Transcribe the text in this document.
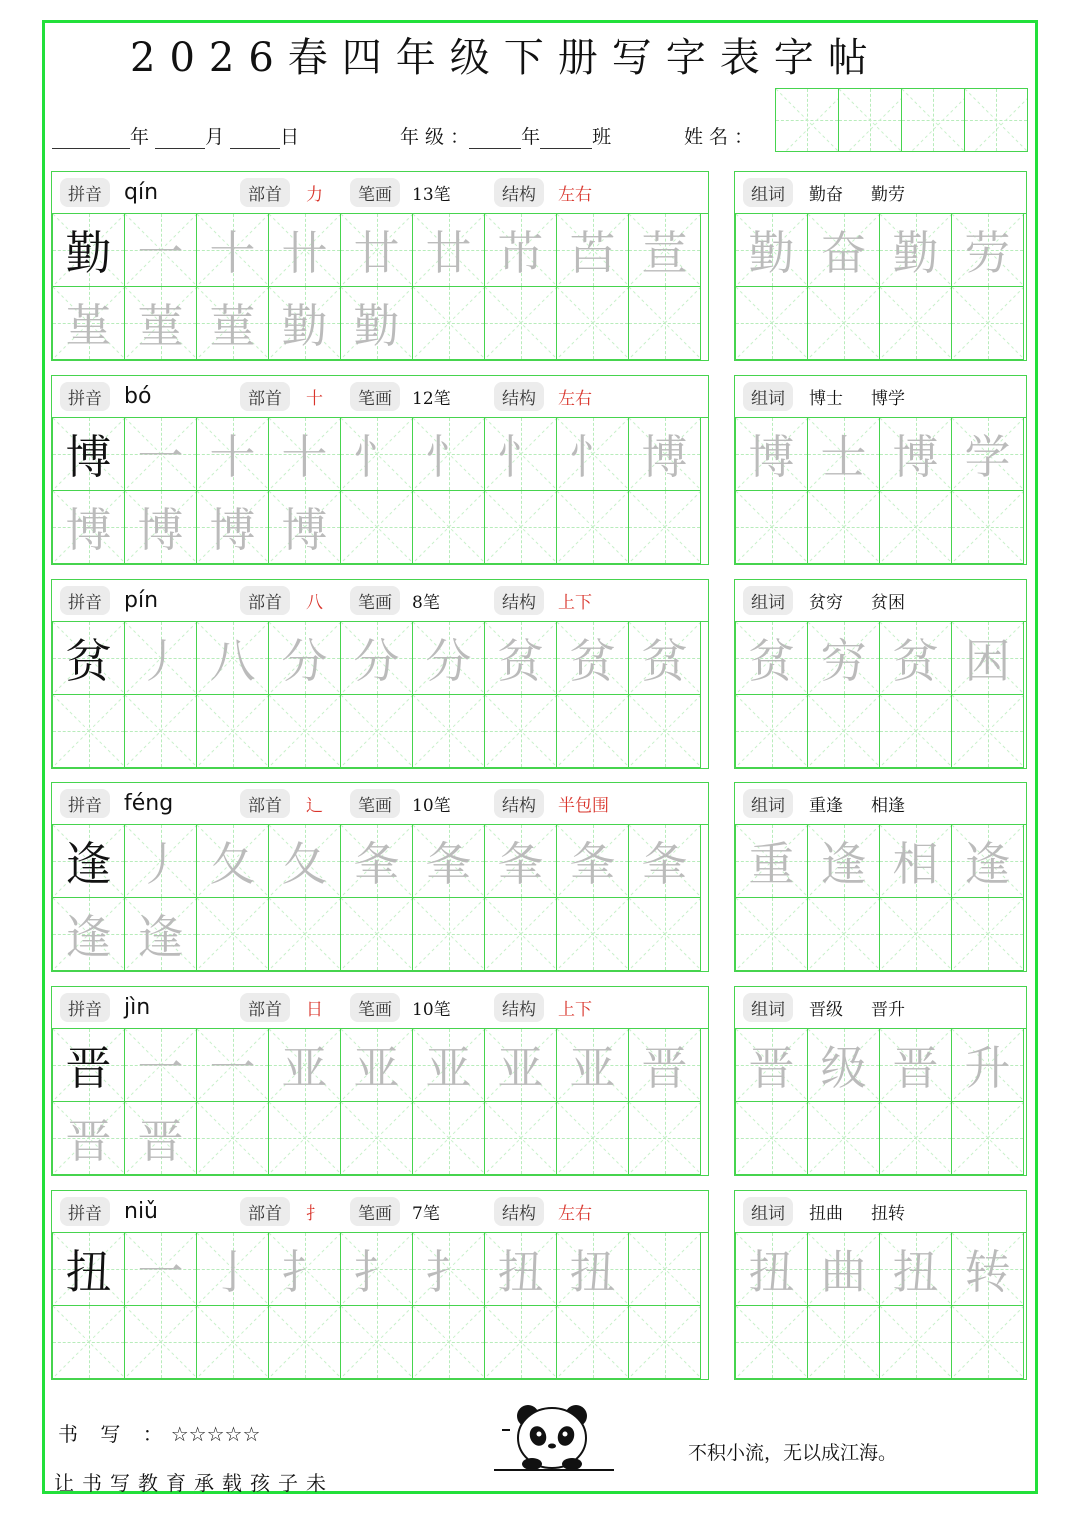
2026春四年级下册写字表字帖
年	月	日	年 级 ：	年	班	姓 名 ：
拼音	qín	部首	力	笔画	13笔	结构	左右
勤 一 十 卄 廿 廿 芇 苩 荁
堇 菫 菫 勤 勤
组词	勤奋 勤劳
勤 奋 勤 劳
拼音	bó	部首	十	笔画	12笔	结构	左右
博 一 十 十 忄 忄 忄 忄 博
博 博 博 博
组词	博士 博学
博 士 博 学
拼音	pín	部首	八	笔画	8笔	结构	上下
贫 丿 八 分 分 分 贫 贫 贫
组词	贫穷 贫困
贫 穷 贫 困
拼音	féng	部首	辶	笔画	10笔	结构	半包围
逢 丿 夂 夂 夆 夆 夆 夆 夆
逢 逢
组词	重逢 相逢
重 逢 相 逢
拼音	jìn	部首	日	笔画	10笔	结构	上下
晋 一 一 亚 亚 亚 亚 亚 晋
晋 晋
组词	晋级 晋升
晋 级 晋 升
拼音	niǔ	部首	扌	笔画	7笔	结构	左右
扭 一 亅 扌 扌 扌 扭 扭
组词	扭曲 扭转
扭 曲 扭 转
书 写 ：☆☆☆☆☆
让书写教育承载孩子未
不积小流，无以成江海。
